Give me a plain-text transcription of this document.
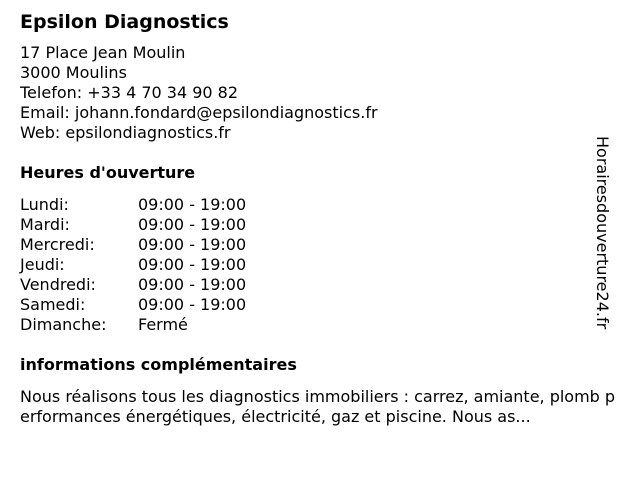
Epsilon Diagnostics
17 Place Jean Moulin
3000 Moulins
Telefon: +33 4 70 34 90 82
Email: johann.fondard@epsilondiagnostics.fr
Web: epsilondiagnostics.fr
Heures d'ouverture
Lundi:	09:00 - 19:00
Mardi:	09:00 - 19:00
Mercredi:	09:00 - 19:00
Jeudi:	09:00 - 19:00
Vendredi:	09:00 - 19:00
Samedi:	09:00 - 19:00
Dimanche:	Fermé
informations complémentaires
Nous réalisons tous les diagnostics immobiliers : carrez, amiante, plomb performances énergétiques, électricité, gaz et piscine. Nous as...
Horairesdouverture24.fr
